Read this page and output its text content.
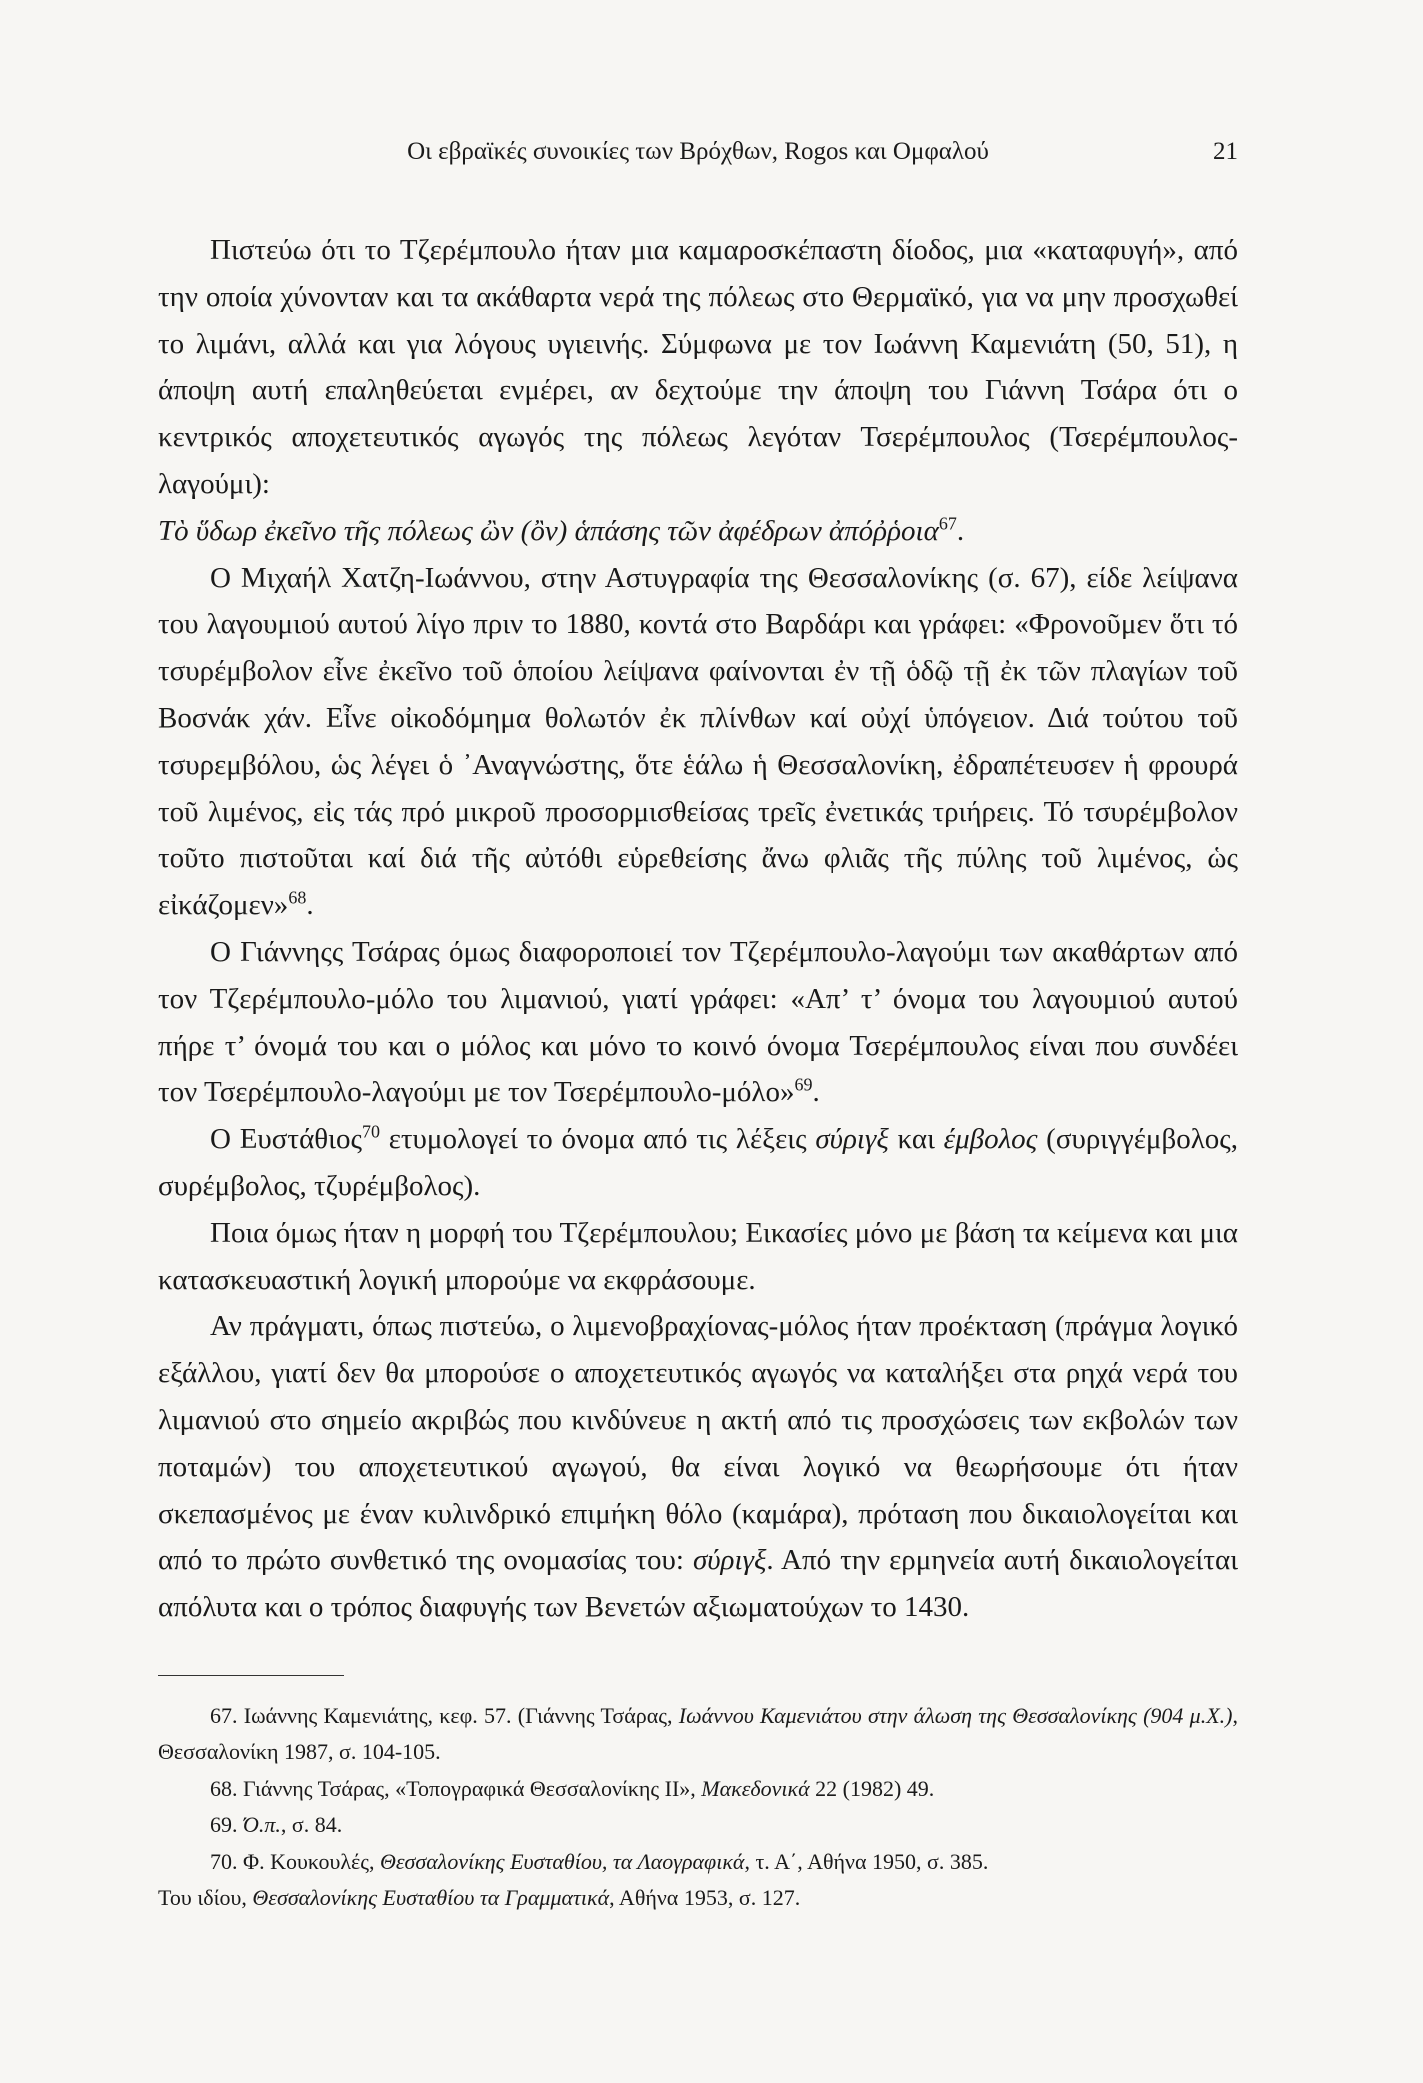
Οι εβραϊκές συνοικίες των Βρόχθων, Rogos και Ομφαλού	21

Πιστεύω ότι το Τζερέμπουλο ήταν μια καμαροσκέπαστη δίοδος, μια «καταφυγή», από την οποία χύνονταν και τα ακάθαρτα νερά της πόλεως στο Θερμαϊκό, για να μην προσχωθεί το λιμάνι, αλλά και για λόγους υγιεινής. Σύμφωνα με τον Ιωάννη Καμενιάτη (50, 51), η άποψη αυτή επαληθεύεται ενμέρει, αν δεχτούμε την άποψη του Γιάννη Τσάρα ότι ο κεντρικός αποχετευτικός αγωγός της πόλεως λεγόταν Τσερέμπουλος (Τσερέμπουλος-λαγούμι):
Τὸ ὕδωρ ἐκεῖνο τῆς πόλεως ὢν (ὂν) ἁπάσης τῶν ἀφέδρων ἀπόῤῥοια$^{67}$.

Ο Μιχαήλ Χατζη-Ιωάννου, στην Αστυγραφία της Θεσσαλονίκης (σ. 67), είδε λείψανα του λαγουμιού αυτού λίγο πριν το 1880, κοντά στο Βαρδάρι και γράφει: «Φρονοῦμεν ὅτι τό τσυρέμβολον εἶνε ἐκεῖνο τοῦ ὁποίου λείψανα φαίνονται ἐν τῇ ὁδῷ τῇ ἐκ τῶν πλαγίων τοῦ Βοσνάκ χάν. Εἶνε οἰκοδόμημα θολωτόν ἐκ πλίνθων καί οὐχί ὑπόγειον. Διά τούτου τοῦ τσυρεμβόλου, ὡς λέγει ὁ ᾿Αναγνώστης, ὅτε ἑάλω ἡ Θεσσαλονίκη, ἐδραπέτευσεν ἡ φρουρά τοῦ λιμένος, εἰς τάς πρό μικροῦ προσορμισθείσας τρεῖς ἐνετικάς τριήρεις. Τό τσυρέμβολον τοῦτο πιστοῦται καί διά τῆς αὐτόθι εὑρεθείσης ἄνω φλιᾶς τῆς πύλης τοῦ λιμένος, ὡς εἰκάζομεν»$^{68}$.

Ο Γιάννηςς Τσάρας όμως διαφοροποιεί τον Τζερέμπουλο-λαγούμι των ακαθάρτων από τον Τζερέμπουλο-μόλο του λιμανιού, γιατί γράφει: «Απ’ τ’ όνομα του λαγουμιού αυτού πήρε τ’ όνομά του και ο μόλος και μόνο το κοινό όνομα Τσερέμπουλος είναι που συνδέει τον Τσερέμπουλο-λαγούμι με τον Τσερέμπουλο-μόλο»$^{69}$.

Ο Ευστάθιος$^{70}$ ετυμολογεί το όνομα από τις λέξεις σύριγξ και έμβολος (συριγγέμβολος, συρέμβολος, τζυρέμβολος).

Ποια όμως ήταν η μορφή του Τζερέμπουλου; Εικασίες μόνο με βάση τα κείμενα και μια κατασκευαστική λογική μπορούμε να εκφράσουμε.

Αν πράγματι, όπως πιστεύω, ο λιμενοβραχίονας-μόλος ήταν προέκταση (πράγμα λογικό εξάλλου, γιατί δεν θα μπορούσε ο αποχετευτικός αγωγός να καταλήξει στα ρηχά νερά του λιμανιού στο σημείο ακριβώς που κινδύνευε η ακτή από τις προσχώσεις των εκβολών των ποταμών) του αποχετευτικού αγωγού, θα είναι λογικό να θεωρήσουμε ότι ήταν σκεπασμένος με έναν κυλινδρικό επιμήκη θόλο (καμάρα), πρόταση που δικαιολογείται και από το πρώτο συνθετικό της ονομασίας του: σύριγξ. Από την ερμηνεία αυτή δικαιολογείται απόλυτα και ο τρόπος διαφυγής των Βενετών αξιωματούχων το 1430.

67. Ιωάννης Καμενιάτης, κεφ. 57. (Γιάννης Τσάρας, Ιωάννου Καμενιάτου στην άλωση της Θεσσαλονίκης (904 μ.Χ.), Θεσσαλονίκη 1987, σ. 104-105.

68. Γιάννης Τσάρας, «Τοπογραφικά Θεσσαλονίκης ΙΙ», Μακεδονικά 22 (1982) 49.

69. Ό.π., σ. 84.

70. Φ. Κουκουλές, Θεσσαλονίκης Ευσταθίου, τα Λαογραφικά, τ. Α΄, Αθήνα 1950, σ. 385.

Του ιδίου, Θεσσαλονίκης Ευσταθίου τα Γραμματικά, Αθήνα 1953, σ. 127.
